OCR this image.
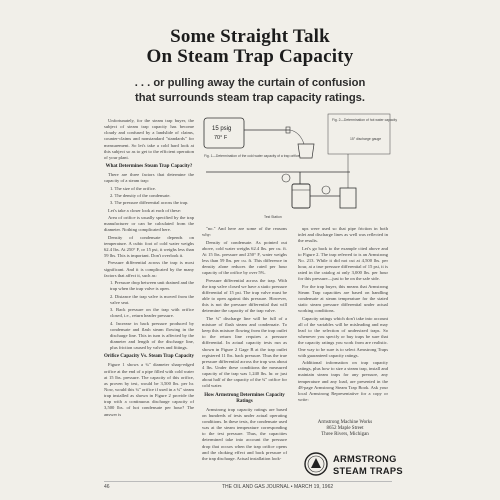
Some Straight Talk
On Steam Trap Capacity
. . . or pulling away the curtain of confusion
that surrounds steam trap capacity ratings.

Unfortunately, for the steam trap buyer, the subject of steam trap capacity has become cloudy and confused by a landslide of claims, counter-claims and nonstandard "standards" for measurement. So let's take a cold hard look at this subject so as to get to the efficient operation of your plant.

What Determines Steam Trap Capacity?

There are three factors that determine the capacity of a steam trap:

1. The size of the orifice.

2. The density of the condensate.

3. The pressure differential across the trap.

Let's take a closer look at each of these:

Area of orifice is usually specified by the trap manufacturer or can be calculated from the diameter. Nothing complicated here.

Density of condensate depends on temperature. A cubic foot of cold water weighs 62.4 lbs. At 250° F, or 15 psi, it weighs less than 59 lbs. This is important. Don't overlook it.

Pressure differential across the trap is most significant. And it is complicated by the many factors that affect it, such as:

1. Pressure drop between unit drained and the trap when the trap valve is open.

2. Distance the trap valve is moved from the valve seat.

3. Back pressure on the trap with orifice closed, i.e., return header pressure.

4. Increase in back pressure produced by condensate and flash steam flowing in the discharge line. This in turn is affected by the diameter and length of the discharge line, plus friction caused by valves and fittings.

Orifice Capacity Vs. Steam Trap Capacity

Figure 1 shows a ¾" diameter sharp-edged orifice at the end of a pipe filled with cold water at 15 lbs. pressure. The capacity of this orifice, as proven by test, would be 3,500 lbs. per hr. Now, would this ¾" orifice if used in a ¾" steam trap installed as shown in Figure 2 provide the trap with a continuous discharge capacity of 3,500 lbs. of hot condensate per hour? The answer is

15 psig
70° F
Fig. 1—Determination of the cold water capacity of a trap orifice.
Fig. 2—Determination of hot water capacity
15° discharge gauge
Test Station

"no." And here are some of the reasons why:

Density of condensate. As pointed out above, cold water weighs 62.4 lbs. per cu. ft. At 15 lbs. pressure and 250° F, water weighs less than 59 lbs. per cu. ft. This difference in density alone reduces the rated per hour capacity of the orifice by over 5%.

Pressure differential across the trap. With the trap valve closed we have a static pressure differential of 15 psi. The trap valve must be able to open against this pressure. However, this is not the pressure differential that will determine the capacity of the trap valve.

The ¾" discharge line will be full of a mixture of flash steam and condensate. To keep this mixture flowing from the trap outlet to the return line requires a pressure differential. In actual capacity tests run as shown in Figure 2 Gage B at the trap outlet registered 11 lbs. back pressure. Thus the true pressure differential across the trap was about 4 lbs. Under these conditions the measured capacity of the trap was 1,240 lbs. hr. or just about half of the capacity of the ¾" orifice for cold water.

How Armstrong Determines Capacity Ratings

Armstrong trap capacity ratings are based on hundreds of tests under actual operating conditions. In these tests, the condensate used was at the steam temperature corresponding to the test pressure. Thus, the capacities determined take into account the pressure drop that occurs when the trap orifice opens and the choking effect and back pressure of the trap discharge. Actual installation look-

ups were used so that pipe friction in both inlet and discharge lines as well was reflected in the results.

Let's go back to the example cited above and to Figure 2. The trap referred to is an Armstrong No. 213. While it did not cut at 4,500 lbs. per hour, at a true pressure differential of 15 psi, it is rated in the catalog at only 3,000 lbs. per hour for this pressure—just to be on the safe side.

For the trap buyer, this means that Armstrong Steam Trap capacities are based on handling condensate at steam temperature for the stated static steam pressure differential under actual working conditions.

Capacity ratings which don't take into account all of the variables will be misleading and may lead to the selection of undersized traps. So whenever you specify or buy traps be sure that the capacity ratings you work from are realistic. One way to be sure is to select Armstrong Traps with guaranteed capacity ratings.

Additional information on trap capacity ratings, plus how to size a steam trap, install and maintain steam traps for any pressure, any temperature and any load, are presented in the 48-page Armstrong Steam Trap Book. Ask your local Armstrong Representative for a copy or write:

Armstrong Machine Works
8652 Maple Street
Three Rivers, Michigan
ARMSTRONG
STEAM TRAPS
46	THE OIL AND GAS JOURNAL • MARCH 19, 1962
